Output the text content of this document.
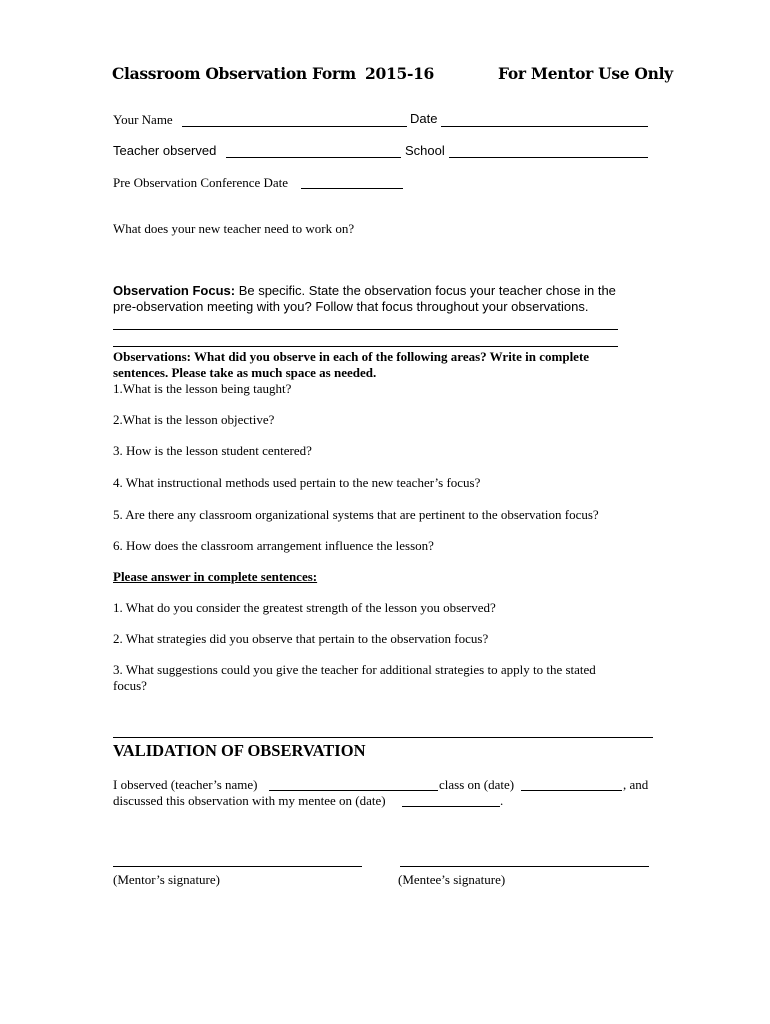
Classroom Observation Form 2015-16	For Mentor Use Only
Your Name	Date
Teacher observed	School
Pre Observation Conference Date
What does your new teacher need to work on?
Observation Focus: Be specific. State the observation focus your teacher chose in the
pre-observation meeting with you? Follow that focus throughout your observations.
Observations: What did you observe in each of the following areas? Write in complete
sentences. Please take as much space as needed.
1.What is the lesson being taught?
2.What is the lesson objective?
3. How is the lesson student centered?
4. What instructional methods used pertain to the new teacher’s focus?
5. Are there any classroom organizational systems that are pertinent to the observation focus?
6. How does the classroom arrangement influence the lesson?
Please answer in complete sentences:
1. What do you consider the greatest strength of the lesson you observed?
2. What strategies did you observe that pertain to the observation focus?
3. What suggestions could you give the teacher for additional strategies to apply to the stated
focus?
VALIDATION OF OBSERVATION
I observed (teacher’s name)	class on (date)	, and
discussed this observation with my mentee on (date)	.
(Mentor’s signature)	(Mentee’s signature)
